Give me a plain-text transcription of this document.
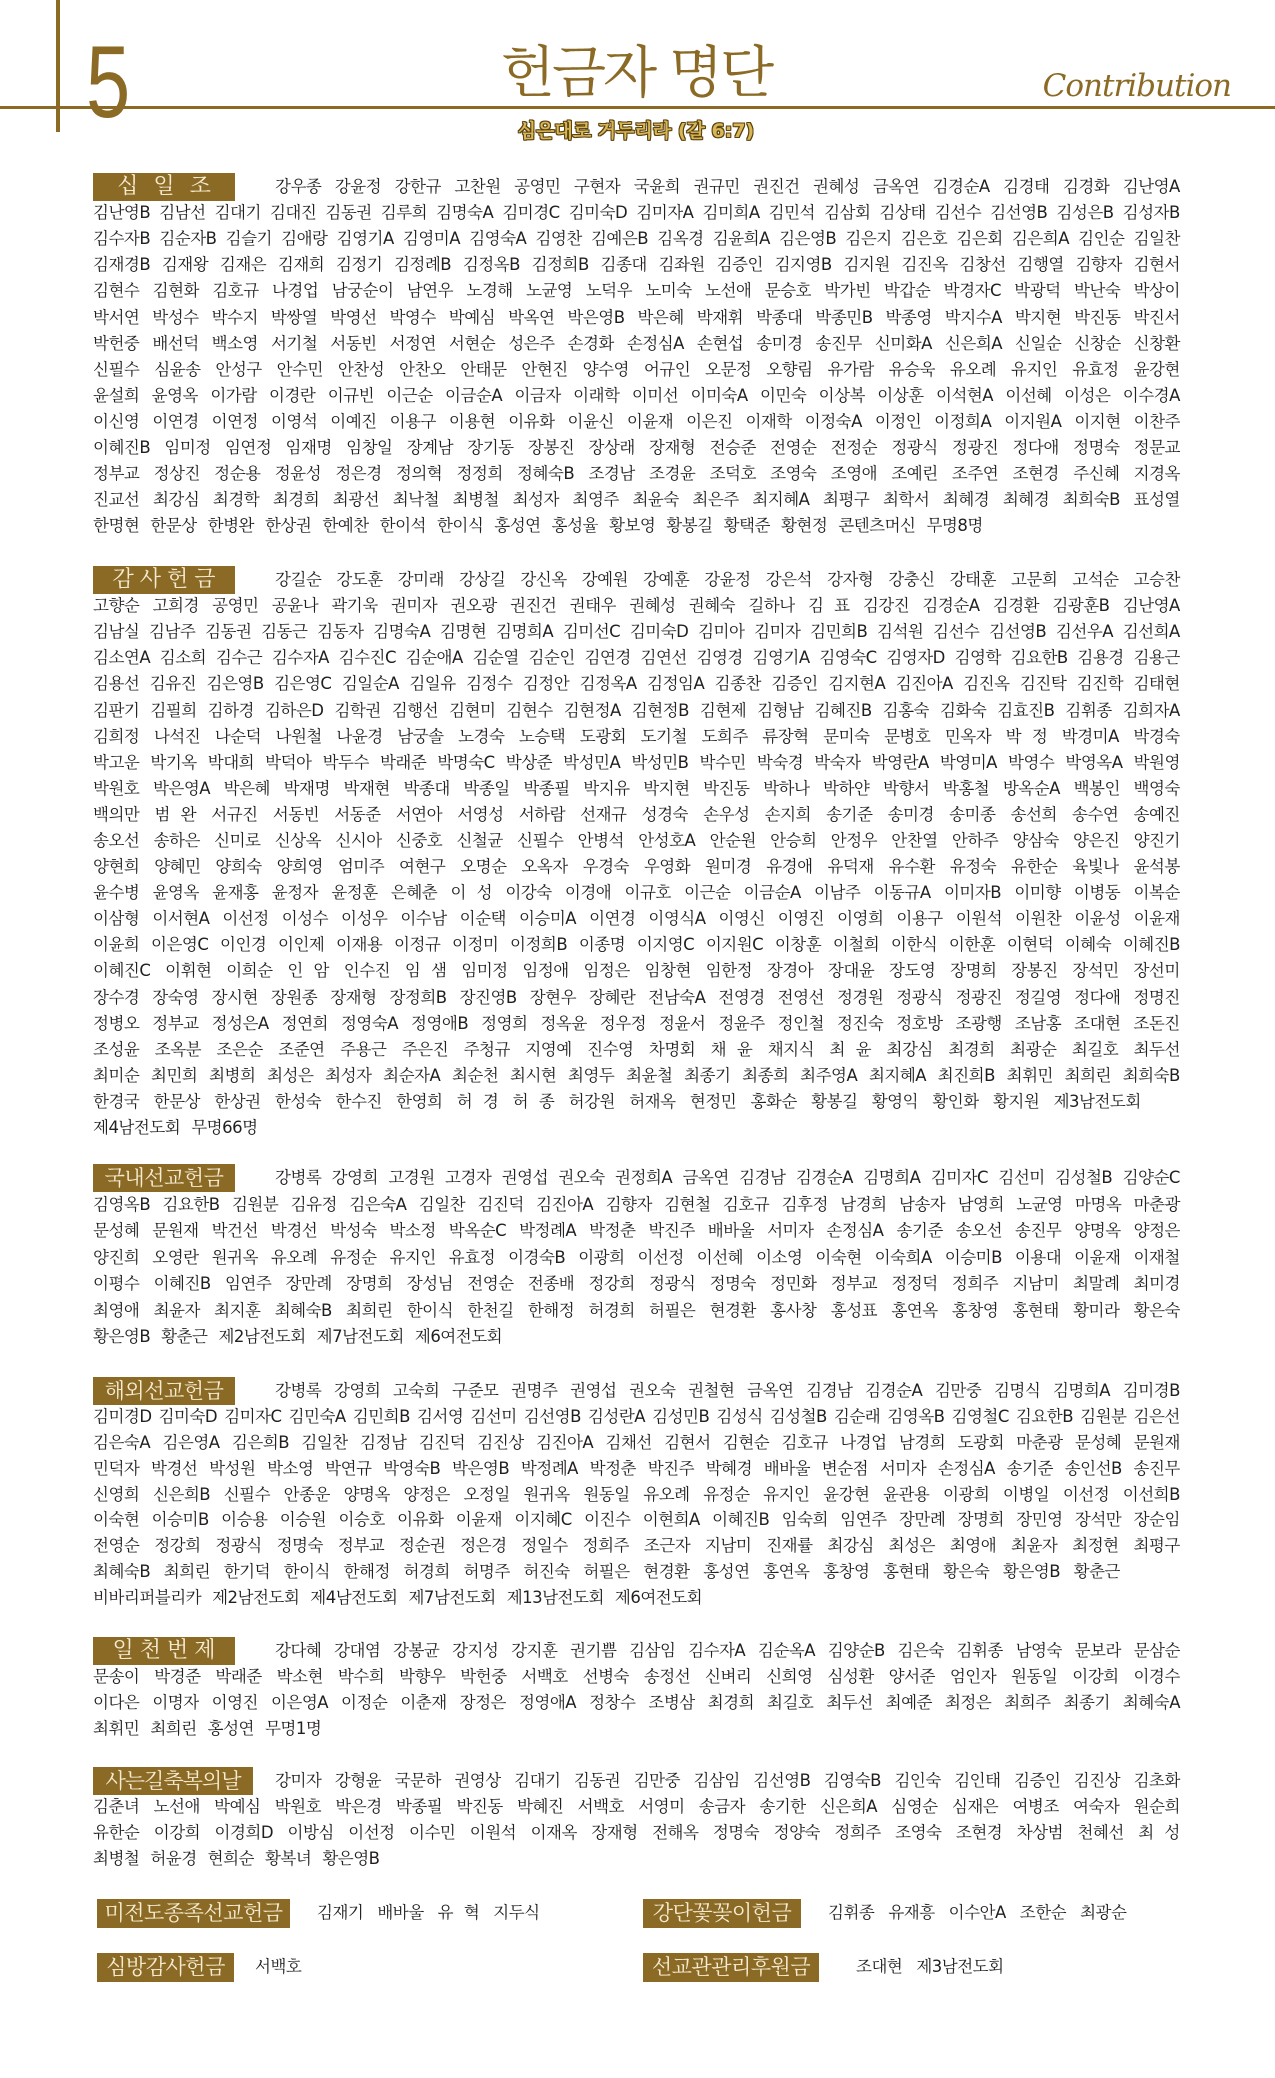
5	헌금자 명단	Contribution
심은대로 거두리라 (갈 6:7)
십 일 조	강우종 강윤정 강한규 고찬원 공영민 구현자 국윤희 권규민 권진건 권혜성 금옥연 김경순A 김경태 김경화 김난영A
김난영B 김남선 김대기 김대진 김동권 김루희 김명숙A 김미경C 김미숙D 김미자A 김미희A 김민석 김삼회 김상태 김선수 김선영B 김성은B 김성자B
김수자B 김순자B 김슬기 김애랑 김영기A 김영미A 김영숙A 김영찬 김예은B 김옥경 김윤희A 김은영B 김은지 김은호 김은회 김은희A 김인순 김일찬
김재경B 김재왕 김재은 김재희 김정기 김정례B 김정옥B 김정희B 김종대 김좌원 김증인 김지영B 김지원 김진옥 김창선 김행열 김향자 김현서
김현수 김현화 김호규 나경업 남궁순이 남연우 노경해 노균영 노덕우 노미숙 노선애 문승호 박가빈 박갑순 박경자C 박광덕 박난숙 박상이
박서연 박성수 박수지 박쌍열 박영선 박영수 박예심 박옥연 박은영B 박은혜 박재휘 박종대 박종민B 박종영 박지수A 박지현 박진동 박진서
박헌중 배선덕 백소영 서기철 서동빈 서정연 서현순 성은주 손경화 손정심A 손현섭 송미경 송진무 신미화A 신은희A 신일순 신창순 신창환
신필수 심윤송 안성구 안수민 안찬성 안찬오 안태문 안현진 양수영 어규인 오문정 오향림 유가람 유승욱 유오례 유지인 유효정 윤강현
윤설희 윤영옥 이가람 이경란 이규빈 이근순 이금순A 이금자 이래학 이미선 이미숙A 이민숙 이상복 이상훈 이석현A 이선혜 이성은 이수경A
이신영 이연경 이연정 이영석 이예진 이용구 이용현 이유화 이윤신 이윤재 이은진 이재학 이정숙A 이정인 이정희A 이지원A 이지현 이찬주
이혜진B 임미정 임연정 임재명 임창일 장계남 장기동 장봉진 장상래 장재형 전승준 전영순 전정순 정광식 정광진 정다애 정명숙 정문교
정부교 정상진 정순용 정윤성 정은경 정의혁 정정희 정혜숙B 조경남 조경윤 조덕호 조영숙 조영애 조예린 조주연 조현경 주신혜 지경옥
진교선 최강심 최경학 최경희 최광선 최낙철 최병철 최성자 최영주 최윤숙 최은주 최지혜A 최평구 최학서 최혜경 최혜경 최희숙B 표성열
한명현 한문상 한병완 한상권 한예찬 한이석 한이식 홍성연 홍성율 황보영 황봉길 황택준 황현정 콘텐츠머신 무명8명
감사헌금	강길순 강도훈 강미래 강상길 강신옥 강예원 강예훈 강윤정 강은석 강자형 강충신 강태훈 고문희 고석순 고승찬
고향순 고희경 공영민 공윤나 곽기욱 권미자 권오광 권진건 권태우 권혜성 권혜숙 길하나 김 표 김강진 김경순A 김경환 김광훈B 김난영A
김남실 김남주 김동권 김동근 김동자 김명숙A 김명현 김명희A 김미선C 김미숙D 김미아 김미자 김민희B 김석원 김선수 김선영B 김선우A 김선희A
김소연A 김소희 김수근 김수자A 김수진C 김순애A 김순열 김순인 김연경 김연선 김영경 김영기A 김영숙C 김영자D 김영학 김요한B 김용경 김용근
김용선 김유진 김은영B 김은영C 김일순A 김일유 김정수 김정안 김정옥A 김정임A 김종찬 김증인 김지현A 김진아A 김진옥 김진탁 김진학 김태현
김판기 김필희 김하경 김하은D 김학권 김행선 김현미 김현수 김현정A 김현정B 김현제 김형남 김혜진B 김홍숙 김화숙 김효진B 김휘종 김희자A
김희정 나석진 나순덕 나원철 나윤경 남궁솔 노경숙 노승택 도광회 도기철 도희주 류장혁 문미숙 문병호 민옥자 박 정 박경미A 박경숙
박고운 박기옥 박대희 박덕아 박두수 박래준 박명숙C 박상준 박성민A 박성민B 박수민 박숙경 박숙자 박영란A 박영미A 박영수 박영옥A 박원영
박원호 박은영A 박은혜 박재명 박재현 박종대 박종일 박종필 박지유 박지현 박진동 박하나 박하얀 박향서 박홍철 방옥순A 백봉인 백영숙
백의만 범 완 서규진 서동빈 서동준 서연아 서영성 서하람 선재규 성경숙 손우성 손지희 송기준 송미경 송미종 송선희 송수연 송예진
송오선 송하은 신미로 신상옥 신시아 신중호 신철균 신필수 안병석 안성호A 안순원 안승희 안정우 안찬열 안하주 양삼숙 양은진 양진기
양현희 양혜민 양희숙 양희영 엄미주 여현구 오명순 오옥자 우경숙 우영화 원미경 유경애 유덕재 유수환 유정숙 유한순 육빛나 윤석봉
윤수병 윤영옥 윤재홍 윤정자 윤정훈 은혜춘 이 성 이강숙 이경애 이규호 이근순 이금순A 이남주 이동규A 이미자B 이미향 이병동 이복순
이삼형 이서현A 이선정 이성수 이성우 이수남 이순택 이승미A 이연경 이영식A 이영신 이영진 이영희 이용구 이원석 이원찬 이윤성 이윤재
이윤희 이은영C 이인경 이인제 이재용 이정규 이정미 이정희B 이종명 이지영C 이지원C 이창훈 이철희 이한식 이한훈 이현덕 이혜숙 이혜진B
이혜진C 이휘현 이희순 인 암 인수진 임 샘 임미정 임정애 임정은 임창현 임한정 장경아 장대윤 장도영 장명희 장봉진 장석민 장선미
장수경 장숙영 장시현 장원종 장재형 장정희B 장진영B 장현우 장혜란 전남숙A 전영경 전영선 정경원 정광식 정광진 정길영 정다애 정명진
정병오 정부교 정성은A 정연희 정영숙A 정영애B 정영희 정옥윤 정우정 정윤서 정윤주 정인철 정진숙 정호방 조광행 조남홍 조대현 조돈진
조성윤 조옥분 조은순 조준연 주용근 주은진 주청규 지영예 진수영 차명회 채 윤 채지식 최 윤 최강심 최경희 최광순 최길호 최두선
최미순 최민희 최병희 최성은 최성자 최순자A 최순천 최시현 최영두 최윤철 최종기 최종희 최주영A 최지혜A 최진희B 최휘민 최희린 최희숙B
한경국 한문상 한상권 한성숙 한수진 한영희 허 경 허 종 허강원 허재옥 현정민 홍화순 황봉길 황영익 황인화 황지원 제3남전도회
제4남전도회 무명66명
국내선교헌금	강병록 강영희 고경원 고경자 권영섭 권오숙 권정희A 금옥연 김경남 김경순A 김명희A 김미자C 김선미 김성철B 김양순C
김영옥B 김요한B 김원분 김유정 김은숙A 김일찬 김진덕 김진아A 김향자 김현철 김호규 김후정 남경희 남송자 남영희 노균영 마명옥 마춘광
문성혜 문원재 박건선 박경선 박성숙 박소정 박옥순C 박정례A 박정춘 박진주 배바울 서미자 손정심A 송기준 송오선 송진무 양명옥 양정은
양진희 오영란 원귀옥 유오례 유정순 유지인 유효정 이경숙B 이광희 이선정 이선혜 이소영 이숙현 이숙희A 이승미B 이용대 이윤재 이재철
이평수 이혜진B 임연주 장만례 장명희 장성님 전영순 전종배 정강희 정광식 정명숙 정민화 정부교 정정덕 정희주 지남미 최말례 최미경
최영애 최윤자 최지훈 최혜숙B 최희린 한이식 한천길 한해정 허경희 허필은 현경환 홍사창 홍성표 홍연옥 홍창영 홍현태 황미라 황은숙
황은영B 황춘근 제2남전도회 제7남전도회 제6여전도회
해외선교헌금	강병록 강영희 고숙희 구준모 권명주 권영섭 권오숙 권철현 금옥연 김경남 김경순A 김만중 김명식 김명희A 김미경B
김미경D 김미숙D 김미자C 김민숙A 김민희B 김서영 김선미 김선영B 김성란A 김성민B 김성식 김성철B 김순래 김영옥B 김영철C 김요한B 김원분 김은선
김은숙A 김은영A 김은희B 김일찬 김정남 김진덕 김진상 김진아A 김채선 김현서 김현순 김호규 나경업 남경희 도광회 마춘광 문성혜 문원재
민덕자 박경선 박성원 박소영 박연규 박영숙B 박은영B 박정례A 박정춘 박진주 박혜경 배바울 변순점 서미자 손정심A 송기준 송인선B 송진무
신영희 신은희B 신필수 안종운 양명옥 양정은 오정일 원귀옥 원동일 유오례 유정순 유지인 윤강현 윤관용 이광희 이병일 이선정 이선희B
이숙현 이승미B 이승용 이승원 이승호 이유화 이윤재 이지혜C 이진수 이현희A 이혜진B 임숙희 임연주 장만례 장명희 장민영 장석만 장순임
전영순 정강희 정광식 정명숙 정부교 정순권 정은경 정일수 정희주 조근자 지남미 진재률 최강심 최성은 최영애 최윤자 최정현 최평구
최혜숙B 최희린 한기덕 한이식 한해정 허경희 허명주 허진숙 허필은 현경환 홍성연 홍연옥 홍창영 홍현태 황은숙 황은영B 황춘근
비바리퍼블리카 제2남전도회 제4남전도회 제7남전도회 제13남전도회 제6여전도회
일천번제	강다혜 강대염 강봉균 강지성 강지훈 권기쁨 김삼임 김수자A 김순옥A 김양순B 김은숙 김휘종 남영숙 문보라 문삼순
문송이 박경준 박래준 박소현 박수희 박향우 박헌중 서백호 선병숙 송정선 신벼리 신희영 심성환 양서준 엄인자 원동일 이강희 이경수
이다은 이명자 이영진 이은영A 이정순 이춘재 장정은 정영애A 정창수 조병삼 최경희 최길호 최두선 최예준 최정은 최희주 최종기 최혜숙A
최휘민 최희린 홍성연 무명1명
사는길축복의날	강미자 강형윤 국문하 권영상 김대기 김동권 김만중 김삼임 김선영B 김영숙B 김인숙 김인태 김증인 김진상 김초화
김춘녀 노선애 박예심 박원호 박은경 박종필 박진동 박혜진 서백호 서영미 송금자 송기한 신은희A 심영순 심재은 여병조 여숙자 원순희
유한순 이강희 이경희D 이방심 이선정 이수민 이원석 이재옥 장재형 전해옥 정명숙 정양숙 정희주 조영숙 조현경 차상범 천혜선 최 성
최병철 허윤경 현희순 황복녀 황은영B
미전도종족선교헌금	김재기 배바울 유 혁 지두식	강단꽃꽂이헌금	김휘종 유재흥 이수안A 조한순 최광순
심방감사헌금	서백호	선교관관리후원금	조대현 제3남전도회
